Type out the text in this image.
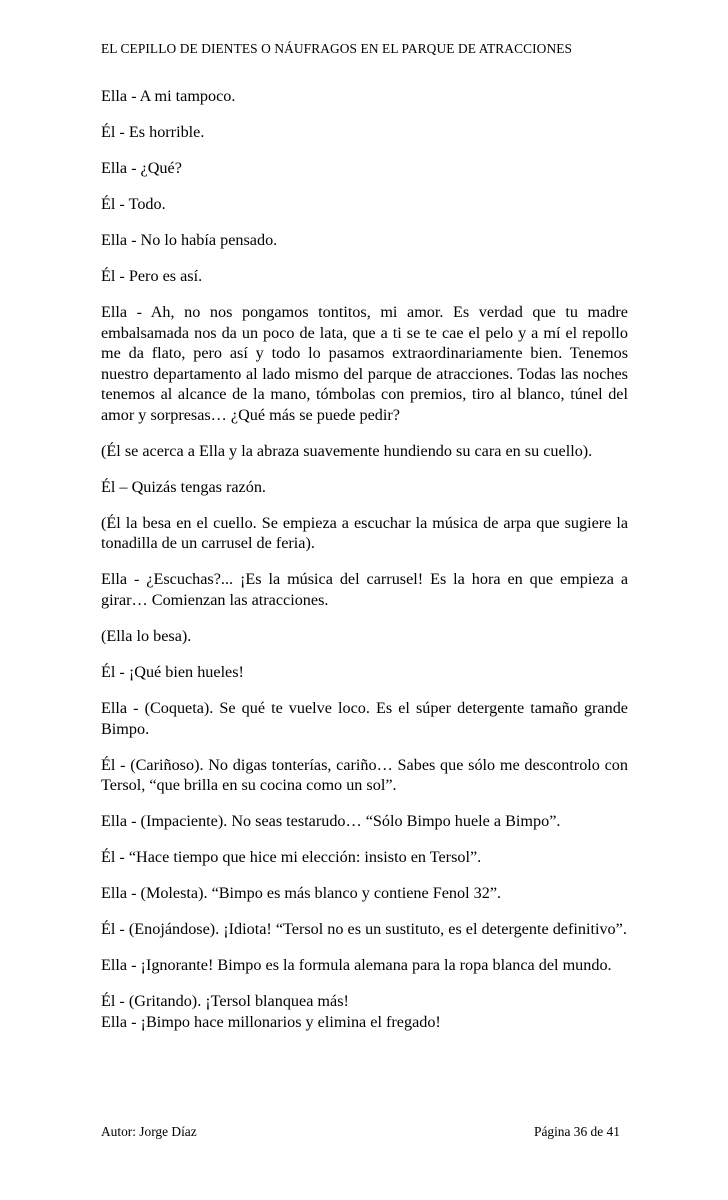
EL CEPILLO DE DIENTES O NÁUFRAGOS EN EL PARQUE DE ATRACCIONES

Ella - A mi tampoco.

Él - Es horrible.

Ella - ¿Qué?

Él - Todo.

Ella - No lo había pensado.

Él - Pero es así.

Ella - Ah, no nos pongamos tontitos, mi amor. Es verdad que tu madre embalsamada nos da un poco de lata, que a ti se te cae el pelo y a mí el repollo me da flato, pero así y todo lo pasamos extraordinariamente bien. Tenemos nuestro departamento al lado mismo del parque de atracciones. Todas las noches tenemos al alcance de la mano, tómbolas con premios, tiro al blanco, túnel del amor y sorpresas… ¿Qué más se puede pedir?

(Él se acerca a Ella y la abraza suavemente hundiendo su cara en su cuello).

Él – Quizás tengas razón.

(Él la besa en el cuello. Se empieza a escuchar la música de arpa que sugiere la tonadilla de un carrusel de feria).

Ella - ¿Escuchas?... ¡Es la música del carrusel! Es la hora en que empieza a girar… Comienzan las atracciones.

(Ella lo besa).

Él - ¡Qué bien hueles!

Ella - (Coqueta). Se qué te vuelve loco. Es el súper detergente tamaño grande Bimpo.

Él - (Cariñoso). No digas tonterías, cariño… Sabes que sólo me descontrolo con Tersol, “que brilla en su cocina como un sol”.

Ella - (Impaciente). No seas testarudo… “Sólo Bimpo huele a Bimpo”.

Él - “Hace tiempo que hice mi elección: insisto en Tersol”.

Ella - (Molesta). “Bimpo es más blanco y contiene Fenol 32”.

Él - (Enojándose). ¡Idiota! “Tersol no es un sustituto, es el detergente definitivo”.

Ella - ¡Ignorante! Bimpo es la formula alemana para la ropa blanca del mundo.

Él - (Gritando). ¡Tersol blanquea más!

Ella - ¡Bimpo hace millonarios y elimina el fregado!

Autor: Jorge Díaz	Página 36 de 41
